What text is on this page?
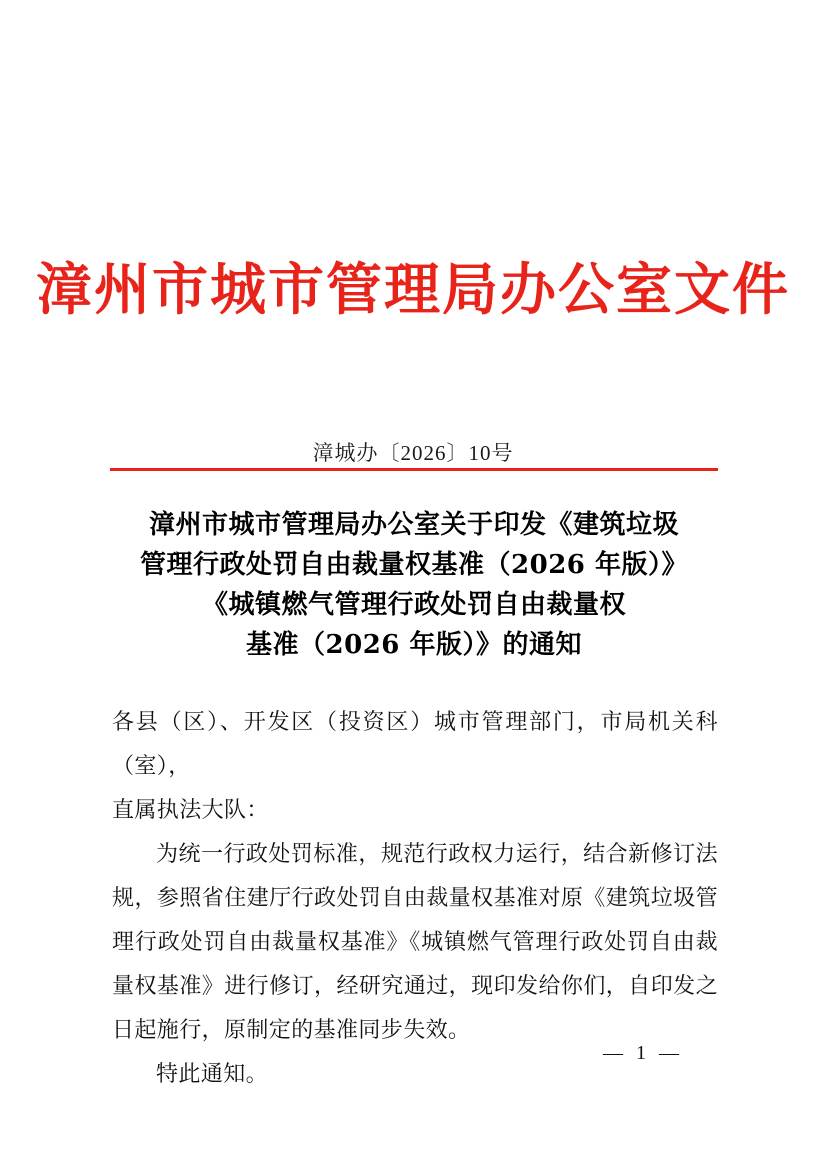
漳州市城市管理局办公室文件
漳城办〔2026〕10号
漳州市城市管理局办公室关于印发《建筑垃圾
管理行政处罚自由裁量权基准（2026 年版）》
《城镇燃气管理行政处罚自由裁量权
基准（2026 年版）》的通知

各县（区）、开发区（投资区）城市管理部门，市局机关科（室），

直属执法大队：

为统一行政处罚标准，规范行政权力运行，结合新修订法规，参照省住建厅行政处罚自由裁量权基准对原《建筑垃圾管理行政处罚自由裁量权基准》《城镇燃气管理行政处罚自由裁量权基准》进行修订，经研究通过，现印发给你们，自印发之日起施行，原制定的基准同步失效。

特此通知。

— 1 —
